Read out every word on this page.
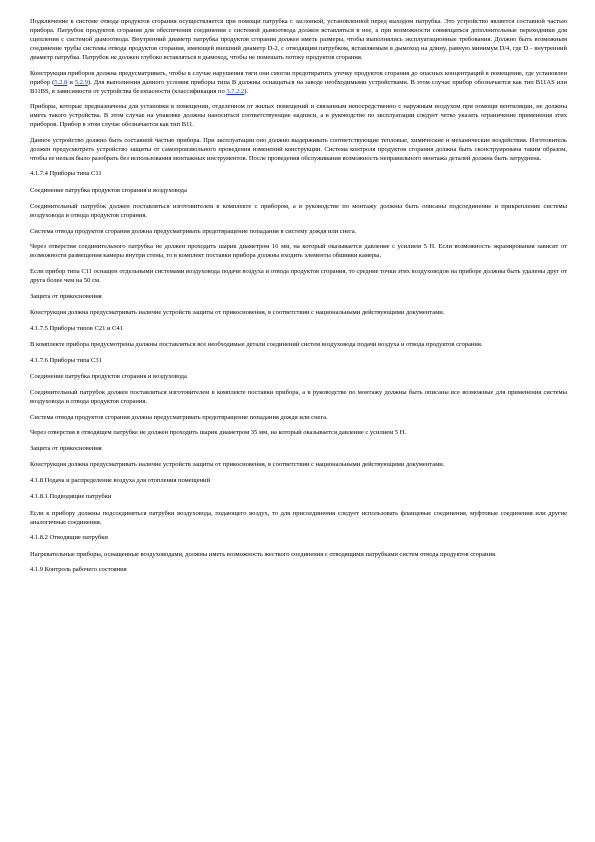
Подключение к системе отвода продуктов сгорания осуществляется при помощи патрубка с заслонкой, установленной перед выходом патрубка. Это устройство является составной частью прибора. Патрубок продуктов сгорания для обеспечения соединения с системой дымоотвода должен вставляться в нее, а при возможности совмещаться дополнительные переходники для сцепления с системой дымоотвода. Внутренний диаметр патрубка продуктов сгорания должен иметь размеры, чтобы выполнялись эксплуатационные требования. Должно быть возможным соединение трубы системы отвода продуктов сгорания, имеющей внешний диаметр D-2, с отводящим патрубком, вставляемым в дымоход на длину, равную минимум D/4, где D - внутренний диаметр патрубка. Патрубок не должен глубоко вставляться в дымоход, чтобы не помешать потоку продуктов сгорания.

Конструкция приборов должна предусматривать, чтобы в случае нарушения тяги они смогли предотвратить утечку продуктов сгорания до опасных концентраций в помещение, где установлен прибор (5.2.8 и 5.2.9). Для выполнения данного условия приборы типа В должны оснащаться на заводе необходимыми устройствами. В этом случае прибор обозначается как тип В11AS или В11BS, в зависимости от устройства безопасности (классификация по 3.7.2.2).

Приборы, которые предназначены для установки в помещении, отделенном от жилых помещений и связанным непосредственно с наружным воздухом при помощи вентиляции, не должны иметь такого устройства. В этом случае на упаковке должны наноситься соответствующие надписи, а в руководстве по эксплуатации следует четко указать ограничение применения этих приборов. Прибор в этом случае обозначается как тип В11.

Данное устройство должно быть составной частью прибора. При эксплуатации оно должно выдерживать соответствующие тепловые, химические и механические воздействия. Изготовитель должен предусмотреть устройство защиты от самопроизвольного проведения изменений конструкции. Система контроля продуктов сгорания должна быть сконструирована таким образом, чтобы ее нельзя было разобрать без использования монтажных инструментов. После проведения обслуживания возможность неправильного монтажа деталей должна быть затруднена.

4.1.7.4 Приборы типа С11

Соединение патрубка продуктов сгорания и воздуховода

Соединительный патрубок должен поставляться изготовителем в комплекте с прибором, а в руководстве по монтажу должны быть описаны подсоединение и прикрепление системы воздуховода и отвода продуктов сгорания.

Система отвода продуктов сгорания должна предусматривать предотвращение попадания в систему дождя или снега.

Через отверстия соединительного патрубка не должен проходить шарик диаметром 16 мм, на который оказывается давление с усилием 5 Н. Если возможность экранирования зависит от возможности размещения камеры внутри стены, то в комплект поставки прибора должны входить элементы обшивки камеры.

Если прибор типа С11 оснащен отдельными системами воздуховода подачи воздуха и отвода продуктов сгорания, то средние точки этих воздуховодов на приборе должны быть удалены друг от друга более чем на 50 см.

Защита от прикосновения

Конструкция должна предусматривать наличие устройств защиты от прикосновения, в соответствии с национальными действующими документами.

4.1.7.5 Приборы типов С21 и С41

В комплекте прибора предусмотрены должны поставляться все необходимые детали соединений систем воздуховода подачи воздуха и отвода продуктов сгорания.

4.1.7.6 Приборы типа С31

Соединение патрубка продуктов сгорания и воздуховода

Соединительный патрубок должен поставляться изготовителем в комплекте поставки прибора, а в руководстве по монтажу должны быть описаны все возможные для применения системы воздуховода и отвода продуктов сгорания.

Система отвода продуктов сгорания должна предусматривать предотвращение попадания дождя или снега.

Через отверстия в отводящем патрубке не должен проходить шарик диаметром 35 мм, на который оказывается давление с усилием 5 Н.

Защита от прикосновения

Конструкция должна предусматривать наличие устройств защиты от прикосновения, в соответствии с национальными действующими документами.

4.1.8 Подача и распределение воздуха для отопления помещений

4.1.8.1 Подводящие патрубки

Если к прибору должны подсоединяться патрубки воздуховода, подающего воздух, то для присоединения следует использовать фланцевые соединения, муфтовые соединения или другие аналогичные соединения.

4.1.8.2 Отводящие патрубки

Нагревательные приборы, оснащенные воздуховодами, должны иметь возможность жесткого соединения с отводящими патрубками систем отвода продуктов сгорания.

4.1.9 Контроль рабочего состояния
